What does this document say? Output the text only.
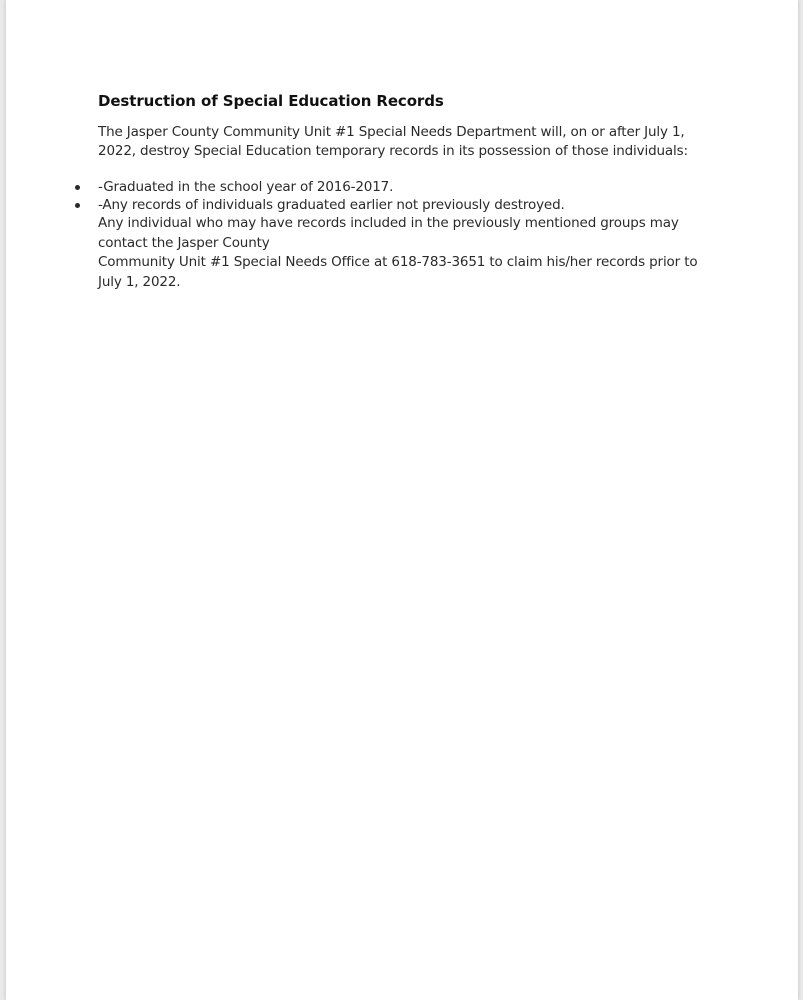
Destruction of Special Education Records

The Jasper County Community Unit #1 Special Needs Department will, on or after July 1, 2022, destroy Special Education temporary records in its possession of those individuals:

-Graduated in the school year of 2016-2017.
-Any records of individuals graduated earlier not previously destroyed.

Any individual who may have records included in the previously mentioned groups may contact the Jasper County
Community Unit #1 Special Needs Office at 618-783-3651 to claim his/her records prior to July 1, 2022.
